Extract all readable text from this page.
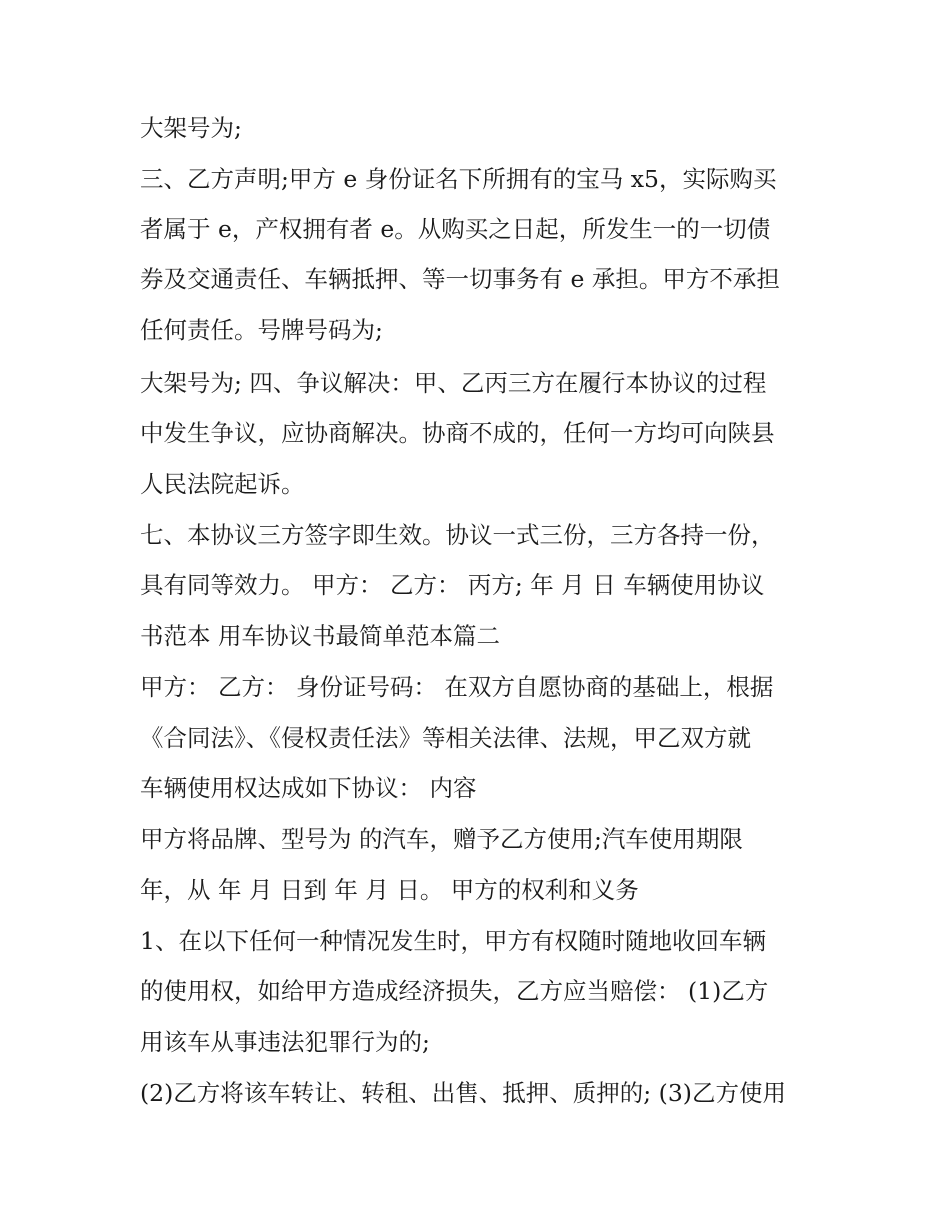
大架号为;

三、乙方声明;甲方 e 身份证名下所拥有的宝马 x5，实际购买

者属于 e，产权拥有者 e。从购买之日起，所发生一的一切债

券及交通责任、车辆抵押、等一切事务有 e 承担。甲方不承担

任何责任。号牌号码为;

大架号为; 四、争议解决：甲、乙丙三方在履行本协议的过程

中发生争议，应协商解决。协商不成的，任何一方均可向陕县

人民法院起诉。

七、本协议三方签字即生效。协议一式三份，三方各持一份，

具有同等效力。 甲方： 乙方： 丙方; 年 月 日 车辆使用协议

书范本 用车协议书最简单范本篇二

甲方： 乙方： 身份证号码： 在双方自愿协商的基础上，根据

《合同法》、《侵权责任法》等相关法律、法规，甲乙双方就

车辆使用权达成如下协议： 内容

甲方将品牌、型号为 的汽车，赠予乙方使用;汽车使用期限

年，从 年 月 日到 年 月 日。 甲方的权利和义务

1、在以下任何一种情况发生时，甲方有权随时随地收回车辆

的使用权，如给甲方造成经济损失，乙方应当赔偿： (1)乙方

用该车从事违法犯罪行为的;

(2)乙方将该车转让、转租、出售、抵押、质押的; (3)乙方使用
